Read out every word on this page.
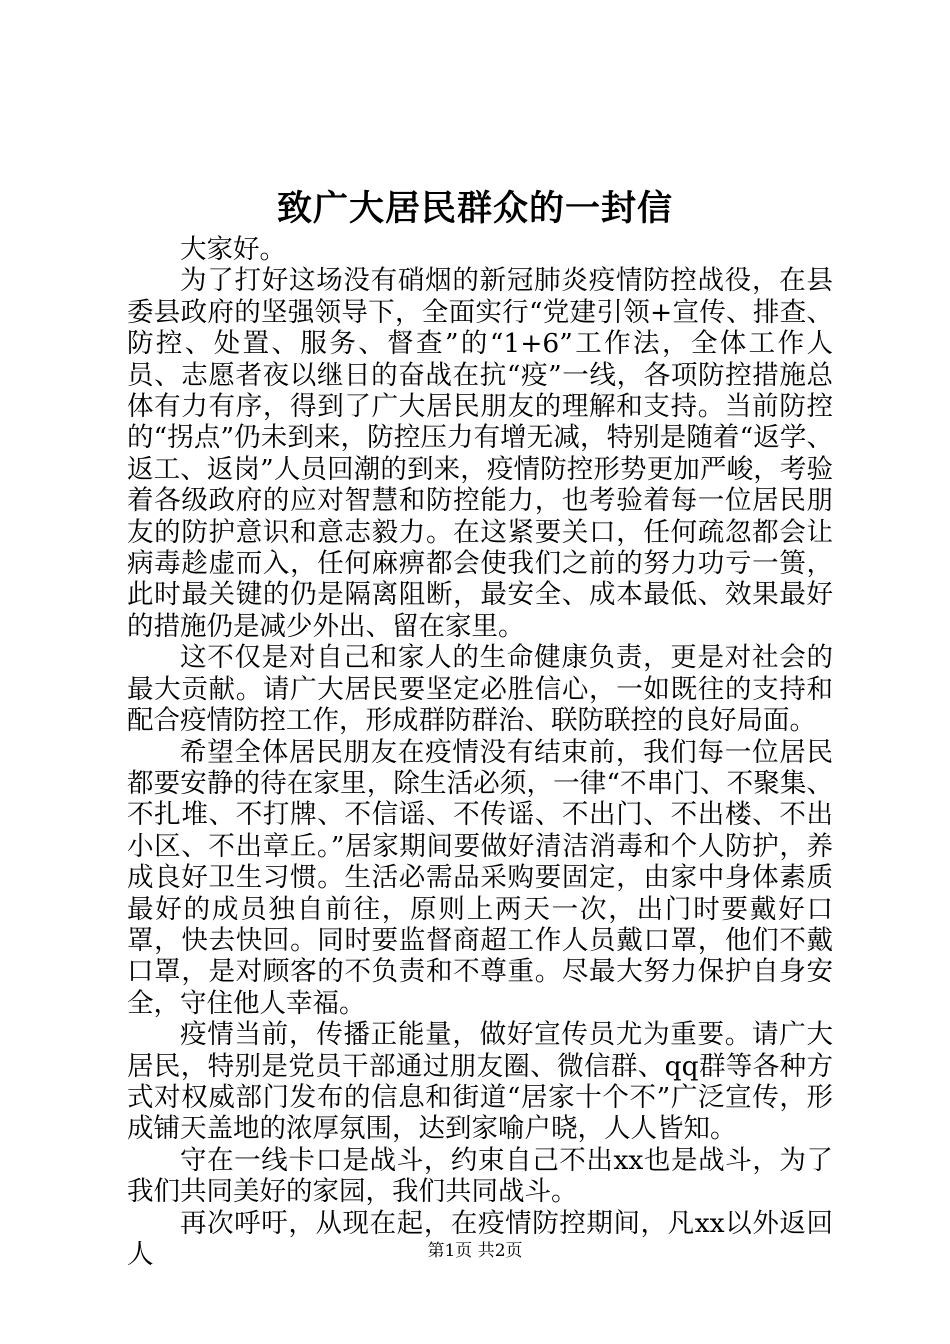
致广大居民群众的一封信

大家好。

为了打好这场没有硝烟的新冠肺炎疫情防控战役，在县委县政府的坚强领导下，全面实行“党建引领+宣传、排查、防控、处置、服务、督查”的“1+6”工作法，全体工作人员、志愿者夜以继日的奋战在抗“疫”一线，各项防控措施总体有力有序，得到了广大居民朋友的理解和支持。当前防控的“拐点”仍未到来，防控压力有增无减，特别是随着“返学、返工、返岗”人员回潮的到来，疫情防控形势更加严峻，考验着各级政府的应对智慧和防控能力，也考验着每一位居民朋友的防护意识和意志毅力。在这紧要关口，任何疏忽都会让病毒趁虚而入，任何麻痹都会使我们之前的努力功亏一篑，此时最关键的仍是隔离阻断，最安全、成本最低、效果最好的措施仍是减少外出、留在家里。

这不仅是对自己和家人的生命健康负责，更是对社会的最大贡献。请广大居民要坚定必胜信心，一如既往的支持和配合疫情防控工作，形成群防群治、联防联控的良好局面。

希望全体居民朋友在疫情没有结束前，我们每一位居民都要安静的待在家里，除生活必须，一律“不串门、不聚集、不扎堆、不打牌、不信谣、不传谣、不出门、不出楼、不出小区、不出章丘。”居家期间要做好清洁消毒和个人防护，养成良好卫生习惯。生活必需品采购要固定，由家中身体素质最好的成员独自前往，原则上两天一次，出门时要戴好口罩，快去快回。同时要监督商超工作人员戴口罩，他们不戴口罩，是对顾客的不负责和不尊重。尽最大努力保护自身安全，守住他人幸福。

疫情当前，传播正能量，做好宣传员尤为重要。请广大居民，特别是党员干部通过朋友圈、微信群、qq群等各种方式对权威部门发布的信息和街道“居家十个不”广泛宣传，形成铺天盖地的浓厚氛围，达到家喻户晓，人人皆知。

守在一线卡口是战斗，约束自己不出xx也是战斗，为了我们共同美好的家园，我们共同战斗。

再次呼吁，从现在起，在疫情防控期间，凡xx以外返回人	第1页 共2页
